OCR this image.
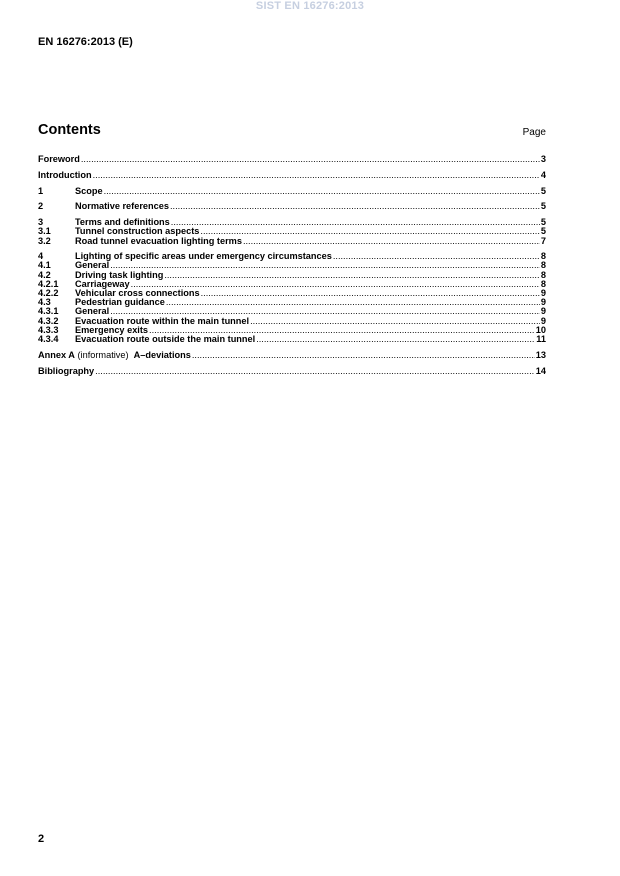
SIST EN 16276:2013
EN 16276:2013 (E)
Contents	Page
Foreword .....	3
Introduction .....	4
1	Scope .....	5
2	Normative references .....	5
3	Terms and definitions .....	5
3.1	Tunnel construction aspects .....	5
3.2	Road tunnel evacuation lighting terms .....	7
4	Lighting of specific areas under emergency circumstances .....	8
4.1	General .....	8
4.2	Driving task lighting .....	8
4.2.1	Carriageway .....	8
4.2.2	Vehicular cross connections .....	9
4.3	Pedestrian guidance .....	9
4.3.1	General .....	9
4.3.2	Evacuation route within the main tunnel .....	9
4.3.3	Emergency exits .....	10
4.3.4	Evacuation route outside the main tunnel .....	11
Annex A (informative) A–deviations .....	13
Bibliography .....	14
2
